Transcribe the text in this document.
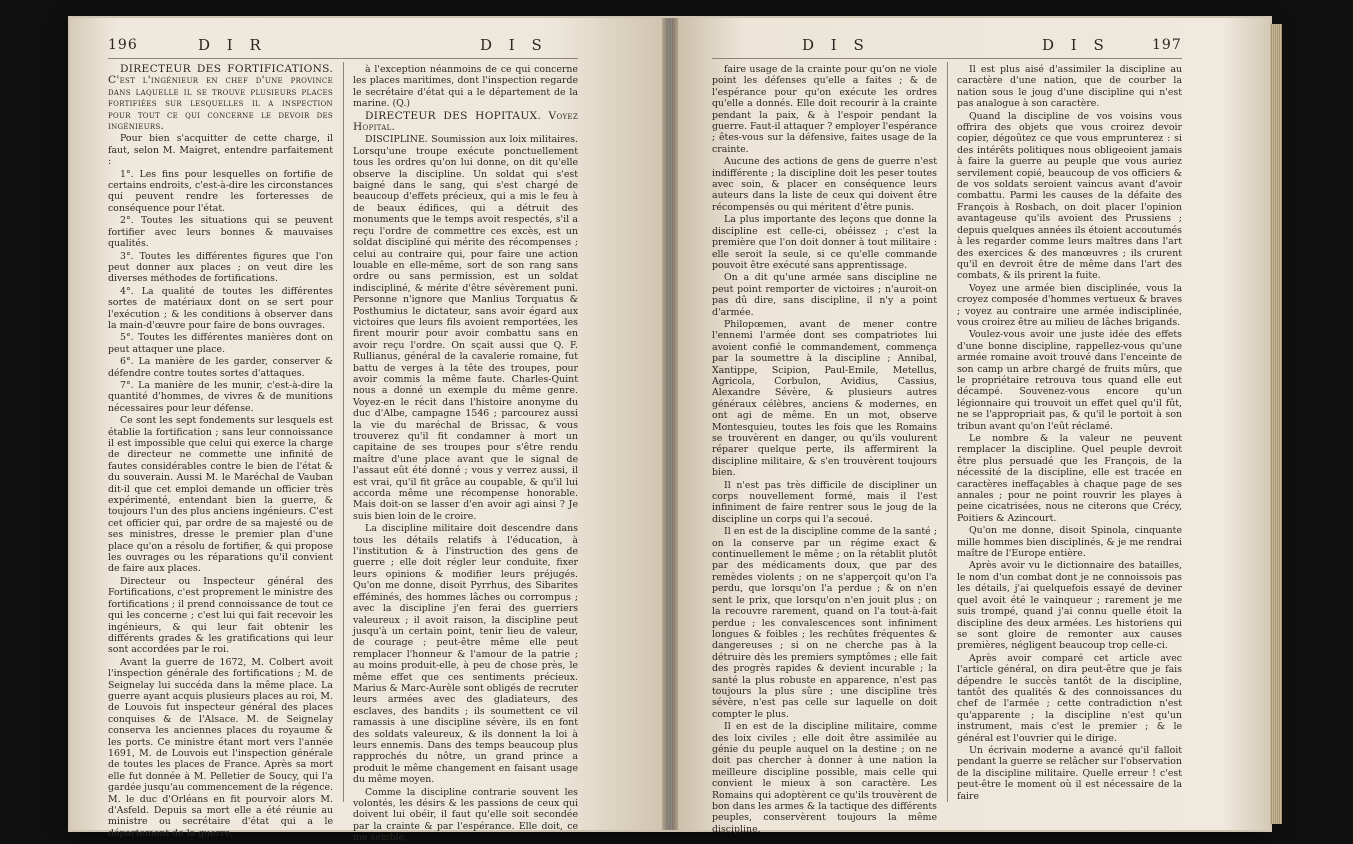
196	D I R	D I S

DIRECTEUR DES FORTIFICATIONS. C'est l'ingénieur en chef d'une province dans laquelle il se trouve plusieurs places fortifiées sur lesquelles il a inspection pour tout ce qui concerne le devoir des ingénieurs.

Pour bien s'acquitter de cette charge, il faut, selon M. Maigret, entendre parfaitement :

1°. Les fins pour lesquelles on fortifie de certains endroits, c'est-à-dire les circonstances qui peuvent rendre les forteresses de conséquence pour l'état.

2°. Toutes les situations qui se peuvent fortifier avec leurs bonnes & mauvaises qualités.

3°. Toutes les différentes figures que l'on peut donner aux places ; on veut dire les diverses méthodes de fortifications.

4°. La qualité de toutes les différentes sortes de matériaux dont on se sert pour l'exécution ; & les conditions à observer dans la main-d'œuvre pour faire de bons ouvrages.

5°. Toutes les différentes manières dont on peut attaquer une place.

6°. La manière de les garder, conserver & défendre contre toutes sortes d'attaques.

7°. La manière de les munir, c'est-à-dire la quantité d'hommes, de vivres & de munitions nécessaires pour leur défense.

Ce sont les sept fondements sur lesquels est établie la fortification ; sans leur connoissance il est impossible que celui qui exerce la charge de directeur ne commette une infinité de fautes considérables contre le bien de l'état & du souverain. Aussi M. le Maréchal de Vauban dit-il que cet emploi demande un officier très expérimenté, entendant bien la guerre, & toujours l'un des plus anciens ingénieurs. C'est cet officier qui, par ordre de sa majesté ou de ses ministres, dresse le premier plan d'une place qu'on a résolu de fortifier, & qui propose les ouvrages ou les réparations qu'il convient de faire aux places.

Directeur ou Inspecteur général des Fortifications, c'est proprement le ministre des fortifications ; il prend connoissance de tout ce qui les concerne ; c'est lui qui fait recevoir les ingénieurs, & qui leur fait obtenir les différents grades & les gratifications qui leur sont accordées par le roi.

Avant la guerre de 1672, M. Colbert avoit l'inspection générale des fortifications ; M. de Seignelay lui succéda dans la même place. La guerre ayant acquis plusieurs places au roi, M. de Louvois fut inspecteur général des places conquises & de l'Alsace. M. de Seignelay conserva les anciennes places du royaume & les ports. Ce ministre étant mort vers l'année 1691, M. de Louvois eut l'inspection générale de toutes les places de France. Après sa mort elle fut donnée à M. Pelletier de Soucy, qui l'a gardée jusqu'au commencement de la régence. M. le duc d'Orléans en fit pourvoir alors M. d'Asfeld. Depuis sa mort elle a été réunie au ministre ou secrétaire d'état qui a le département de la guerre,

à l'exception néanmoins de ce qui concerne les places maritimes, dont l'inspection regarde le secrétaire d'état qui a le département de la marine. (Q.)

DIRECTEUR DES HOPITAUX. Voyez Hopital.

DISCIPLINE. Soumission aux loix militaires. Lorsqu'une troupe exécute ponctuellement tous les ordres qu'on lui donne, on dit qu'elle observe la discipline. Un soldat qui s'est baigné dans le sang, qui s'est chargé de beaucoup d'effets précieux, qui a mis le feu à de beaux édifices, qui a détruit des monuments que le temps avoit respectés, s'il a reçu l'ordre de commettre ces excès, est un soldat discipliné qui mérite des récompenses ; celui au contraire qui, pour faire une action louable en elle-même, sort de son rang sans ordre ou sans permission, est un soldat indiscipliné, & mérite d'être sévèrement puni. Personne n'ignore que Manlius Torquatus & Posthumius le dictateur, sans avoir égard aux victoires que leurs fils avoient remportées, les firent mourir pour avoir combattu sans en avoir reçu l'ordre. On sçait aussi que Q. F. Rullianus, général de la cavalerie romaine, fut battu de verges à la tête des troupes, pour avoir commis la même faute. Charles-Quint nous a donné un exemple du même genre. Voyez-en le récit dans l'histoire anonyme du duc d'Albe, campagne 1546 ; parcourez aussi la vie du maréchal de Brissac, & vous trouverez qu'il fit condamner à mort un capitaine de ses troupes pour s'être rendu maître d'une place avant que le signal de l'assaut eût été donné ; vous y verrez aussi, il est vrai, qu'il fit grâce au coupable, & qu'il lui accorda même une récompense honorable. Mais doit-on se lasser d'en avoir agi ainsi ? Je suis bien loin de le croire.

La discipline militaire doit descendre dans tous les détails relatifs à l'éducation, à l'institution & à l'instruction des gens de guerre ; elle doit régler leur conduite, fixer leurs opinions & modifier leurs préjugés. Qu'on me donne, disoit Pyrrhus, des Sibarites efféminés, des hommes lâches ou corrompus ; avec la discipline j'en ferai des guerriers valeureux ; il avoit raison, la discipline peut jusqu'à un certain point, tenir lieu de valeur, de courage ; peut-être même elle peut remplacer l'honneur & l'amour de la patrie ; au moins produit-elle, à peu de chose près, le même effet que ces sentiments précieux. Marius & Marc-Aurèle sont obligés de recruter leurs armées avec des gladiateurs, des esclaves, des bandits ; ils soumettent ce vil ramassis à une discipline sévère, ils en font des soldats valeureux, & ils donnent la loi à leurs ennemis. Dans des temps beaucoup plus rapprochés du nôtre, un grand prince a produit le même changement en faisant usage du même moyen.

Comme la discipline contrarie souvent les volontés, les désirs & les passions de ceux qui doivent lui obéir, il faut qu'elle soit secondée par la crainte & par l'espérance. Elle doit, ce me semble,

D I S	D I S	197

faire usage de la crainte pour qu'on ne viole point les défenses qu'elle a faites ; & de l'espérance pour qu'on exécute les ordres qu'elle a donnés. Elle doit recourir à la crainte pendant la paix, & à l'espoir pendant la guerre. Faut-il attaquer ? employer l'espérance ; êtes-vous sur la défensive, faites usage de la crainte.

Aucune des actions de gens de guerre n'est indifférente ; la discipline doit les peser toutes avec soin, & placer en conséquence leurs auteurs dans la liste de ceux qui doivent être récompensés ou qui méritent d'être punis.

La plus importante des leçons que donne la discipline est celle-ci, obéissez ; c'est la première que l'on doit donner à tout militaire : elle seroit la seule, si ce qu'elle commande pouvoit être exécuté sans apprentissage.

On a dit qu'une armée sans discipline ne peut point remporter de victoires ; n'auroit-on pas dû dire, sans discipline, il n'y a point d'armée.

Philopœmen, avant de mener contre l'ennemi l'armée dont ses compatriotes lui avoient confié le commandement, commença par la soumettre à la discipline ; Annibal, Xantippe, Scipion, Paul-Emile, Metellus, Agricola, Corbulon, Avidius, Cassius, Alexandre Sévère, & plusieurs autres généraux célèbres, anciens & modernes, en ont agi de même. En un mot, observe Montesquieu, toutes les fois que les Romains se trouvèrent en danger, ou qu'ils voulurent réparer quelque perte, ils affermirent la discipline militaire, & s'en trouvèrent toujours bien.

Il n'est pas très difficile de discipliner un corps nouvellement formé, mais il l'est infiniment de faire rentrer sous le joug de la discipline un corps qui l'a secoué.

Il en est de la discipline comme de la santé ; on la conserve par un régime exact & continuellement le même ; on la rétablit plutôt par des médicaments doux, que par des remèdes violents ; on ne s'apperçoit qu'on l'a perdu, que lorsqu'on l'a perdue ; & on n'en sent le prix, que lorsqu'on n'en jouit plus ; on la recouvre rarement, quand on l'a tout-à-fait perdue ; les convalescences sont infiniment longues & foibles ; les rechûtes fréquentes & dangereuses ; si on ne cherche pas à la détruire dès les premiers symptômes ; elle fait des progrès rapides & devient incurable ; la santé la plus robuste en apparence, n'est pas toujours la plus sûre ; une discipline très sévère, n'est pas celle sur laquelle on doit compter le plus.

Il en est de la discipline militaire, comme des loix civiles ; elle doit être assimilée au génie du peuple auquel on la destine ; on ne doit pas chercher à donner à une nation la meilleure discipline possible, mais celle qui convient le mieux à son caractère. Les Romains qui adoptèrent ce qu'ils trouvèrent de bon dans les armes & la tactique des différents peuples, conservèrent toujours la même discipline.

Il est plus aisé d'assimiler la discipline au caractère d'une nation, que de courber la nation sous le joug d'une discipline qui n'est pas analogue à son caractère.

Quand la discipline de vos voisins vous offrira des objets que vous croirez devoir copier, dégoûtez ce que vous emprunterez : si des intérêts politiques nous obligeoient jamais à faire la guerre au peuple que vous auriez servilement copié, beaucoup de vos officiers & de vos soldats seroient vaincus avant d'avoir combattu. Parmi les causes de la défaite des François à Rosbach, on doit placer l'opinion avantageuse qu'ils avoient des Prussiens ; depuis quelques années ils étoient accoutumés à les regarder comme leurs maîtres dans l'art des exercices & des manœuvres ; ils crurent qu'il en devroit être de même dans l'art des combats, & ils prirent la fuite.

Voyez une armée bien disciplinée, vous la croyez composée d'hommes vertueux & braves ; voyez au contraire une armée indisciplinée, vous croirez être au milieu de lâches brigands.

Voulez-vous avoir une juste idée des effets d'une bonne discipline, rappellez-vous qu'une armée romaine avoit trouvé dans l'enceinte de son camp un arbre chargé de fruits mûrs, que le propriétaire retrouva tous quand elle eut décampé. Souvenez-vous encore qu'un légionnaire qui trouvoit un effet quel qu'il fût, ne se l'appropriait pas, & qu'il le portoit à son tribun avant qu'on l'eût réclamé.

Le nombre & la valeur ne peuvent remplacer la discipline. Quel peuple devroit être plus persuadé que les François, de la nécessité de la discipline, elle est tracée en caractères ineffaçables à chaque page de ses annales ; pour ne point rouvrir les playes à peine cicatrisées, nous ne citerons que Crécy, Poitiers & Azincourt.

Qu'on me donne, disoit Spinola, cinquante mille hommes bien disciplinés, & je me rendrai maître de l'Europe entière.

Après avoir vu le dictionnaire des batailles, le nom d'un combat dont je ne connoissois pas les détails, j'ai quelquefois essayé de deviner quel avoit été le vainqueur ; rarement je me suis trompé, quand j'ai connu quelle étoit la discipline des deux armées. Les historiens qui se sont gloire de remonter aux causes premières, négligent beaucoup trop celle-ci.

Après avoir comparé cet article avec l'article général, on dira peut-être que je fais dépendre le succès tantôt de la discipline, tantôt des qualités & des connoissances du chef de l'armée ; cette contradiction n'est qu'apparente ; la discipline n'est qu'un instrument, mais c'est le premier ; & le général est l'ouvrier qui le dirige.

Un écrivain moderne a avancé qu'il falloit pendant la guerre se relâcher sur l'observation de la discipline militaire. Quelle erreur ! c'est peut-être le moment où il est nécessaire de la faire
